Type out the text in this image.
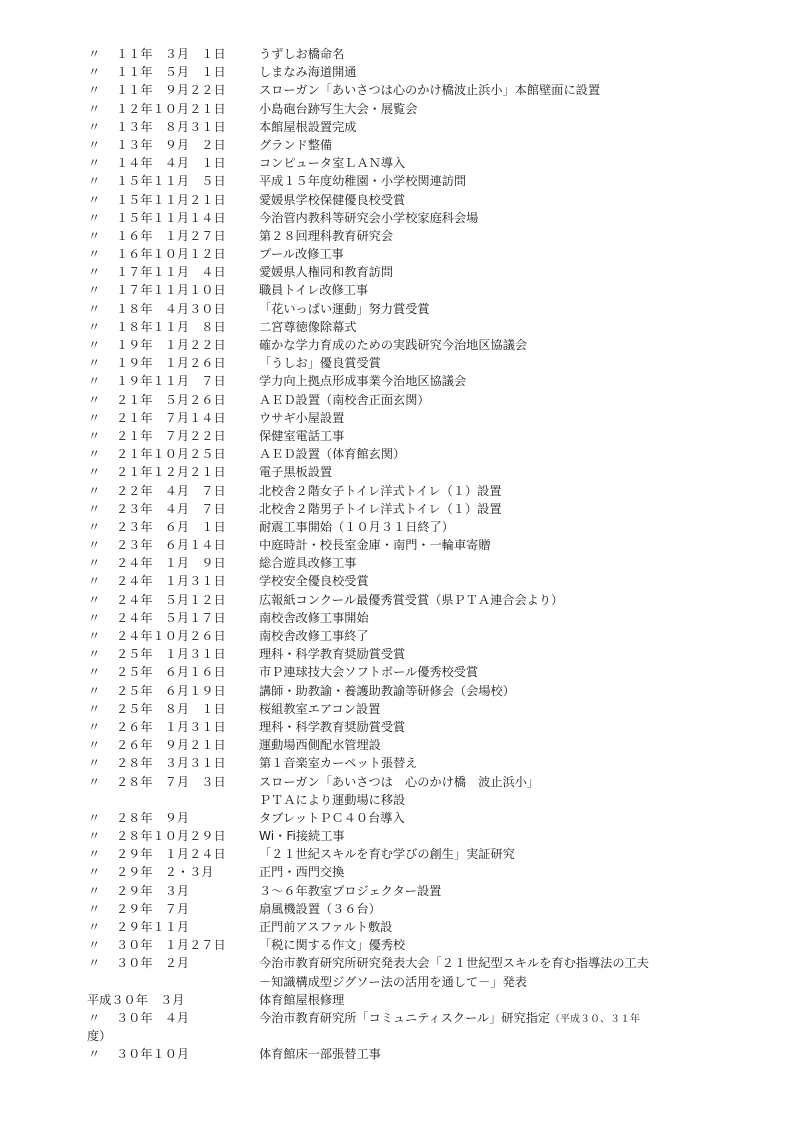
〃	１１年　３月　１日	うずしお橋命名
〃	１１年　５月　１日	しまなみ海道開通
〃	１１年　９月２２日	スローガン「あいさつは心のかけ橋波止浜小」本館壁面に設置
〃	１２年１０月２１日	小島砲台跡写生大会・展覧会
〃	１３年　８月３１日	本館屋根設置完成
〃	１３年　９月　２日	グランド整備
〃	１４年　４月　１日	コンピュータ室ＬＡＮ導入
〃	１５年１１月　５日	平成１５年度幼稚園・小学校関連訪問
〃	１５年１１月２１日	愛媛県学校保健優良校受賞
〃	１５年１１月１４日	今治管内教科等研究会小学校家庭科会場
〃	１６年　１月２７日	第２８回理科教育研究会
〃	１６年１０月１２日	プール改修工事
〃	１７年１１月　４日	愛媛県人権同和教育訪問
〃	１７年１１月１０日	職員トイレ改修工事
〃	１８年　４月３０日	「花いっぱい運動」努力賞受賞
〃	１８年１１月　８日	二宮尊徳像除幕式
〃	１９年　１月２２日	確かな学力育成のための実践研究今治地区協議会
〃	１９年　１月２６日	「うしお」優良賞受賞
〃	１９年１１月　７日	学力向上拠点形成事業今治地区協議会
〃	２１年　５月２６日	ＡＥＤ設置（南校舎正面玄関）
〃	２１年　７月１４日	ウサギ小屋設置
〃	２１年　７月２２日	保健室電話工事
〃	２１年１０月２５日	ＡＥＤ設置（体育館玄関）
〃	２１年１２月２１日	電子黒板設置
〃	２２年　４月　７日	北校舎２階女子トイレ洋式トイレ（１）設置
〃	２３年　４月　７日	北校舎２階男子トイレ洋式トイレ（１）設置
〃	２３年　６月　１日	耐震工事開始（１０月３１日終了）
〃	２３年　６月１４日	中庭時計・校長室金庫・南門・一輪車寄贈
〃	２４年　１月　９日	総合遊具改修工事
〃	２４年　１月３１日	学校安全優良校受賞
〃	２４年　５月１２日	広報紙コンクール最優秀賞受賞（県ＰＴＡ連合会より）
〃	２４年　５月１７日	南校舎改修工事開始
〃	２４年１０月２６日	南校舎改修工事終了
〃	２５年　１月３１日	理科・科学教育奨励賞受賞
〃	２５年　６月１６日	市Ｐ連球技大会ソフトボール優秀校受賞
〃	２５年　６月１９日	講師・助教諭・養護助教諭等研修会（会場校）
〃	２５年　８月　１日	桜組教室エアコン設置
〃	２６年　１月３１日	理科・科学教育奨励賞受賞
〃	２６年　９月２１日	運動場西側配水管埋設
〃	２８年　３月３１日	第１音楽室カーペット張替え
〃	２８年　７月　３日	スローガン「あいさつは　心のかけ橋　波止浜小」
ＰＴＡにより運動場に移設
〃	２８年　９月	タブレットＰＣ４０台導入
〃	２８年１０月２９日	Wi・Fi接続工事
〃	２９年　１月２４日	「２１世紀スキルを育む学びの創生」実証研究
〃	２９年　２・３月	正門・西門交換
〃	２９年　３月	３～６年教室プロジェクター設置
〃	２９年　７月	扇風機設置（３６台）
〃	２９年１１月	正門前アスファルト敷設
〃	３０年　１月２７日	「税に関する作文」優秀校
〃	３０年　２月	今治市教育研究所研究発表大会「２１世紀型スキルを育む指導法の工夫
－知識構成型ジグソー法の活用を通して－」発表
平成３０年　３月	体育館屋根修理
〃	３０年　４月	今治市教育研究所「コミュニティスクール」研究指定（平成３０、３１年
度）
〃	３０年１０月	体育館床一部張替工事
